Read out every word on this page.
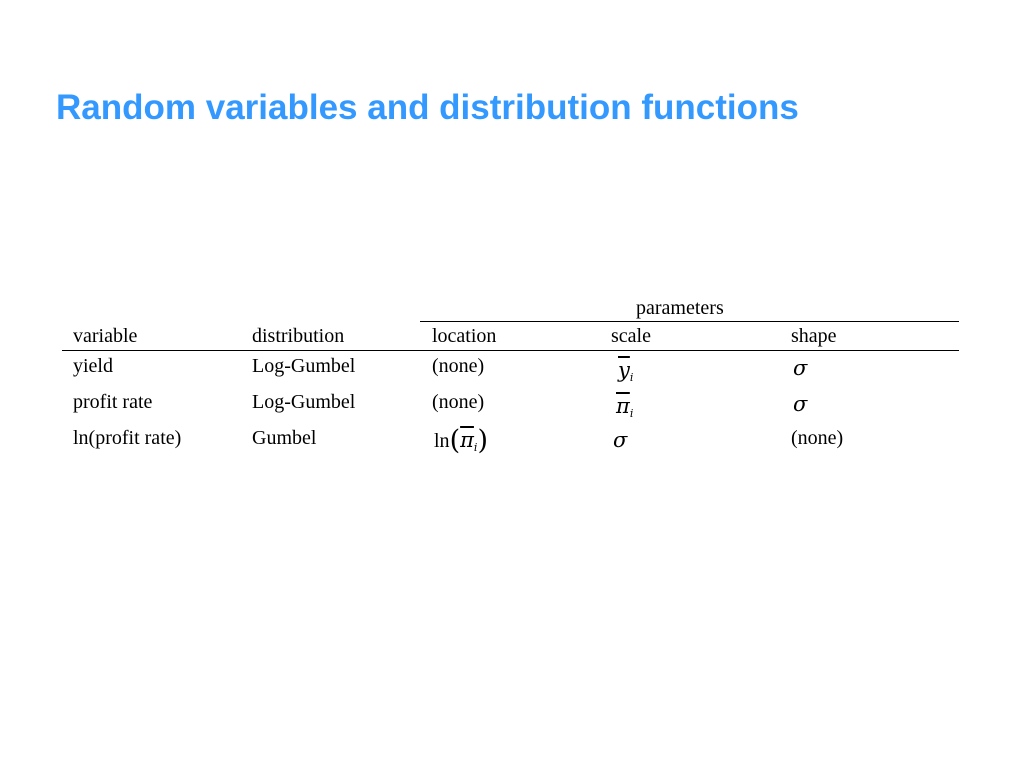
Random variables and distribution functions
parameters
variable	distribution	location	scale	shape
yield	Log-Gumbel	(none)	$\overline{y}_i$	σ
profit rate	Log-Gumbel	(none)	$\overline{\pi}_i$	σ
ln(profit rate)	Gumbel	$\ln(\overline{\pi}_i)$	σ	(none)
